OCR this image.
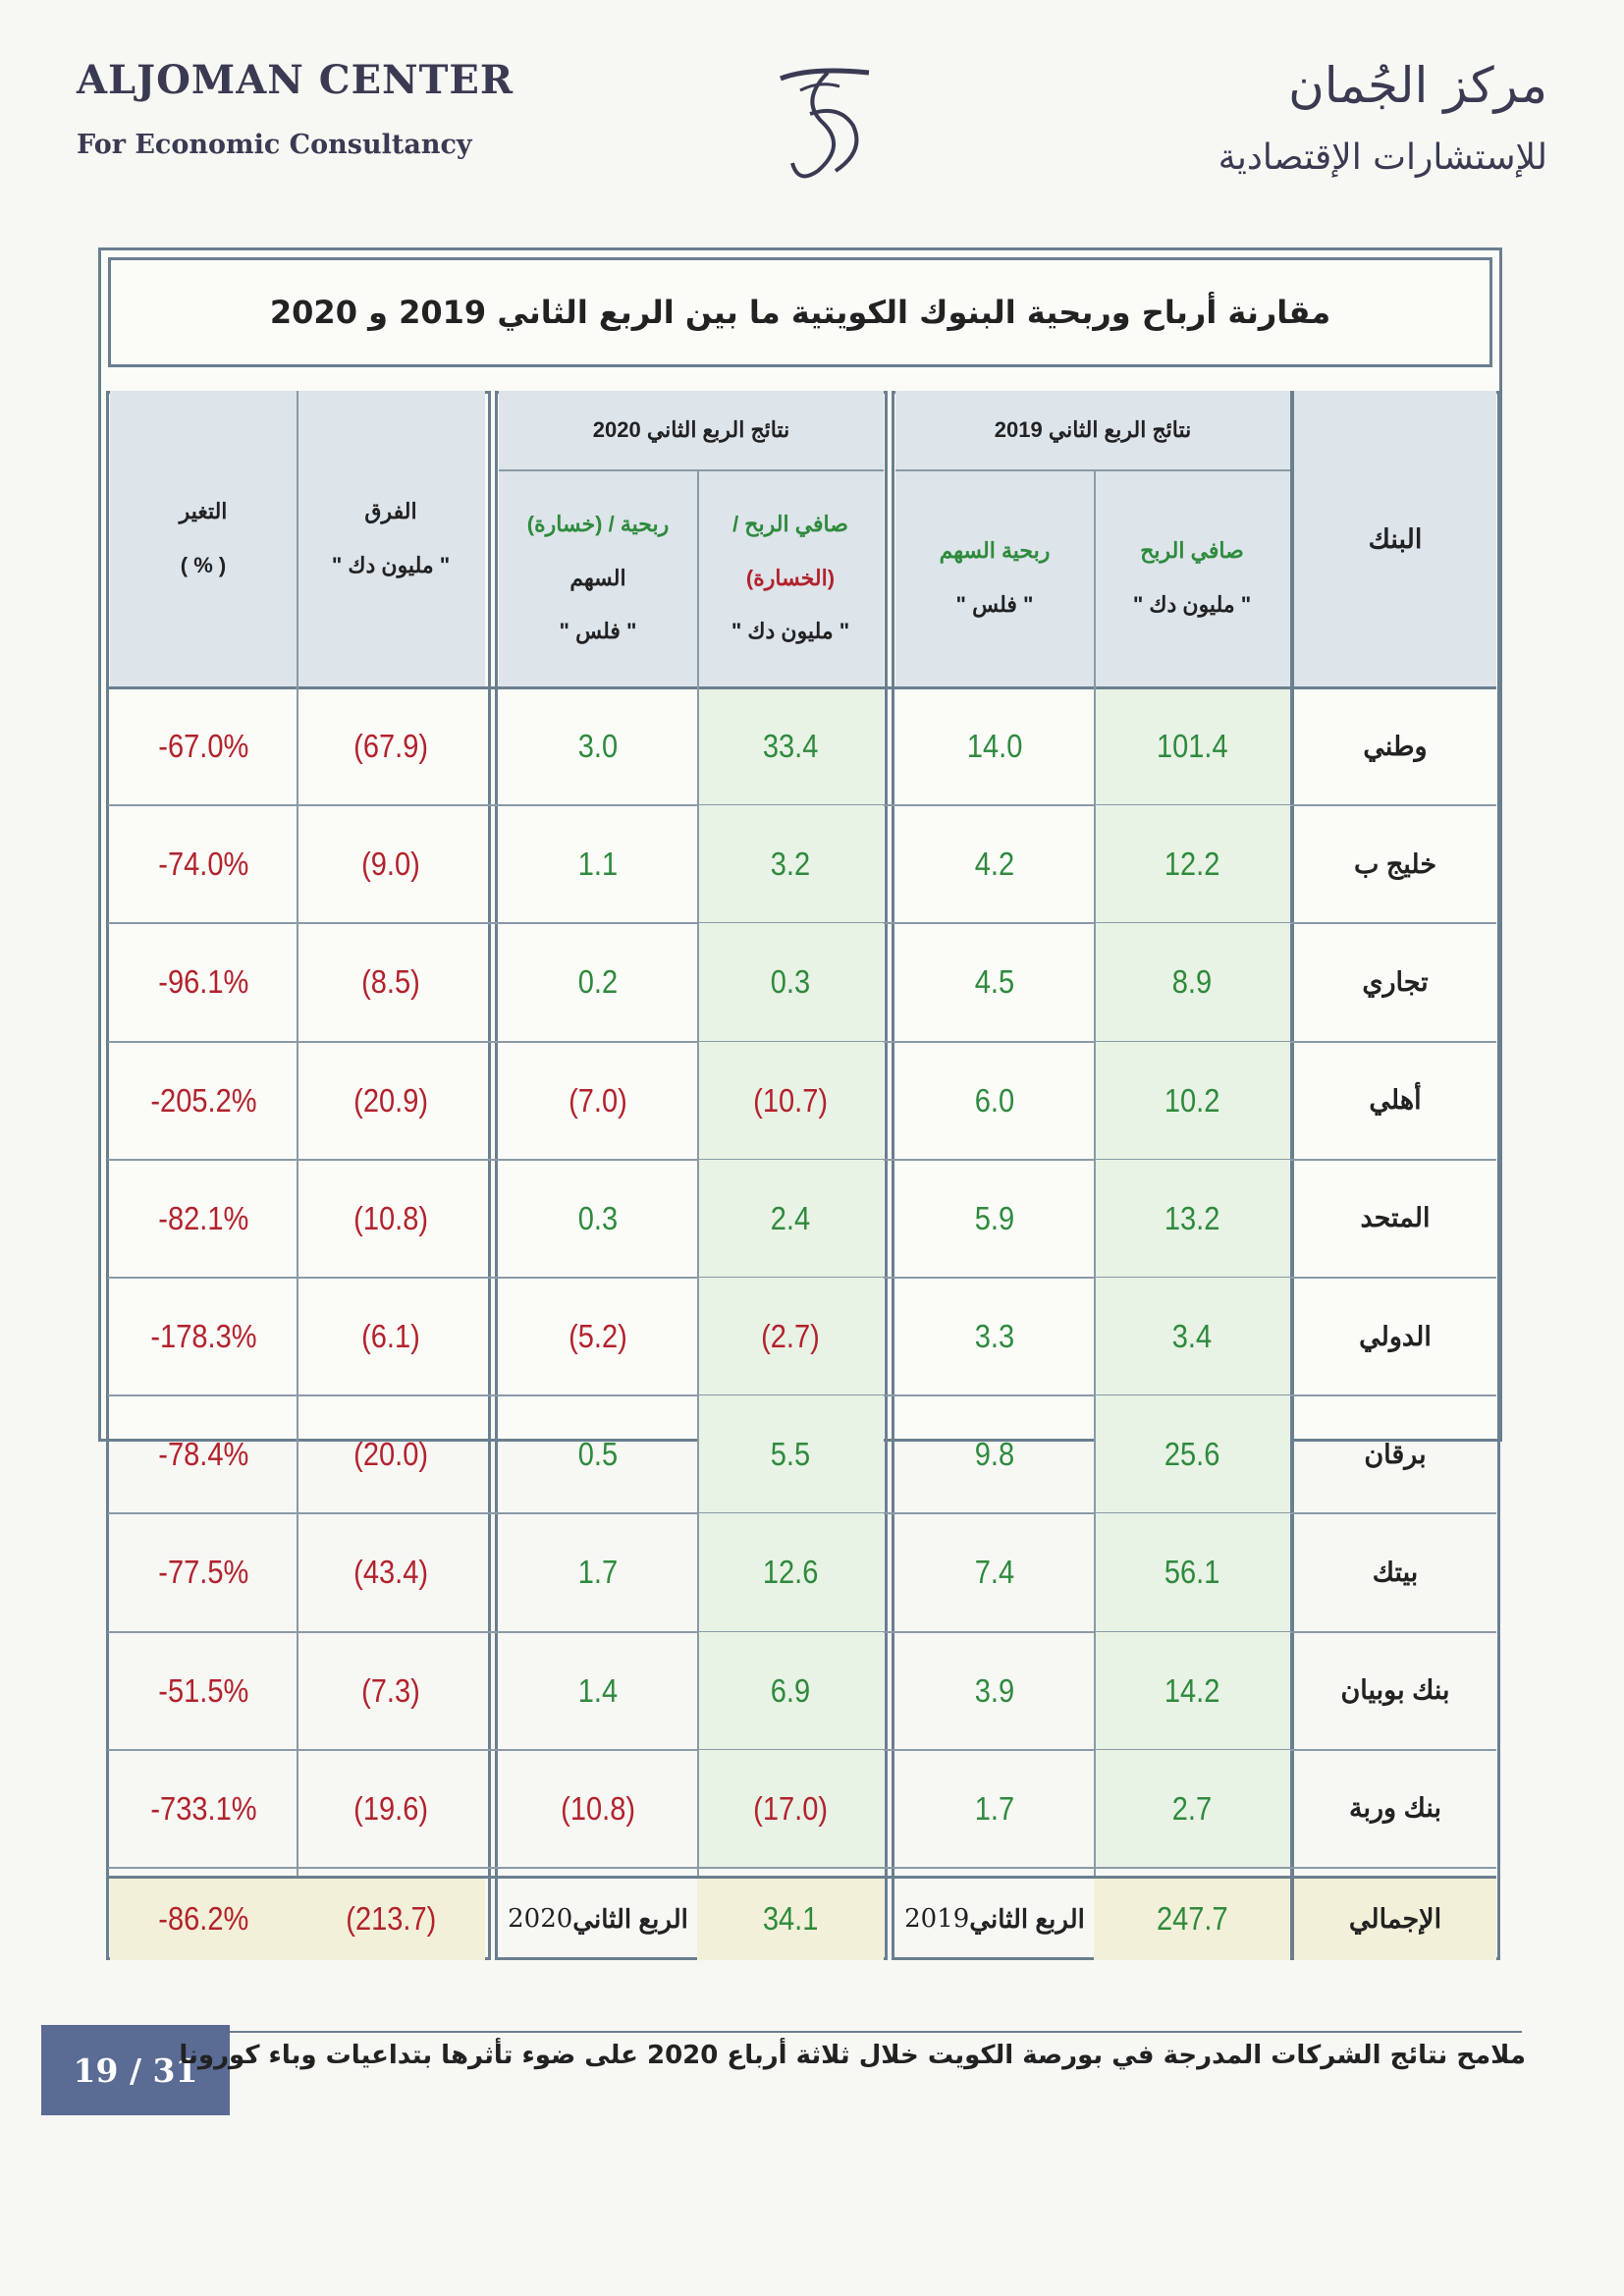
ALJOMAN CENTER
For Economic Consultancy
مركز الجُمان
للإستشارات الإقتصادية
مقارنة أرباح وربحية البنوك الكويتية ما بين الربع الثاني 2019 و 2020
البنك
نتائج الربع الثاني 2019
نتائج الربع الثاني 2020
صافي الربح
" مليون دك "
ربحية السهم
" فلس "
صافي الربح /
(الخسارة)
" مليون دك "
ربحية / (خسارة)
السهم
" فلس "
الفرق
" مليون دك "
التغير
( % )
وطني
101.4
14.0
33.4
3.0
(67.9)
-67.0%
خليج ب
12.2
4.2
3.2
1.1
(9.0)
-74.0%
تجاري
8.9
4.5
0.3
0.2
(8.5)
-96.1%
أهلي
10.2
6.0
(10.7)
(7.0)
(20.9)
-205.2%
المتحد
13.2
5.9
2.4
0.3
(10.8)
-82.1%
الدولي
3.4
3.3
(2.7)
(5.2)
(6.1)
-178.3%
برقان
25.6
9.8
5.5
0.5
(20.0)
-78.4%
بيتك
56.1
7.4
12.6
1.7
(43.4)
-77.5%
بنك بوبيان
14.2
3.9
6.9
1.4
(7.3)
-51.5%
بنك وربة
2.7
1.7
(17.0)
(10.8)
(19.6)
-733.1%
الإجمالي
247.7
الربع الثاني
2019
34.1
الربع الثاني
2020
(213.7)
-86.2%
19 / 31
ملامح نتائج الشركات المدرجة في بورصة الكويت خلال ثلاثة أرباع 2020 على ضوء تأثرها بتداعيات وباء كورونا
